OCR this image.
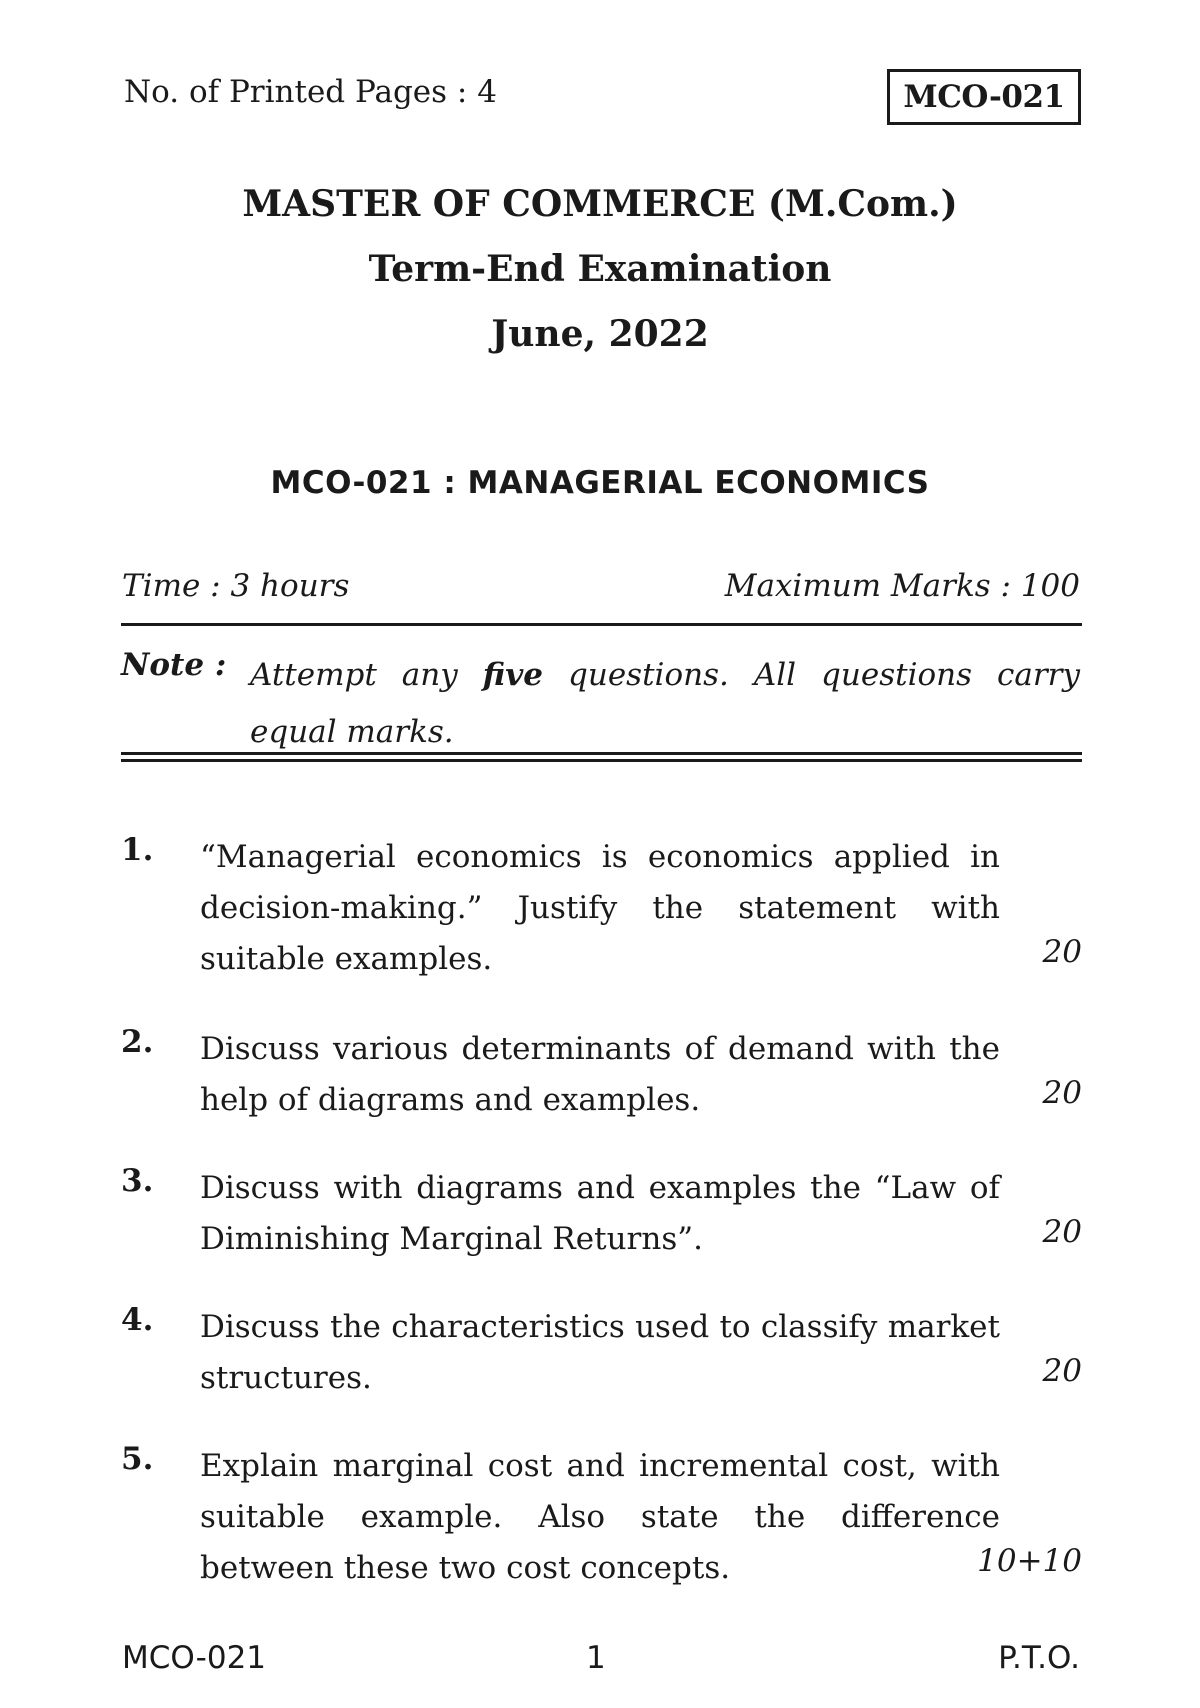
No. of Printed Pages : 4	MCO-021
MASTER OF COMMERCE (M.Com.)
Term-End Examination
June, 2022
MCO-021 : MANAGERIAL ECONOMICS
Time : 3 hours	Maximum Marks : 100
Note : Attempt any five questions. All questions carry equal marks.
1. “Managerial economics is economics applied in decision-making.” Justify the statement with suitable examples.	20
2. Discuss various determinants of demand with the help of diagrams and examples.	20
3. Discuss with diagrams and examples the “Law of Diminishing Marginal Returns”.	20
4. Discuss the characteristics used to classify market structures.	20
5. Explain marginal cost and incremental cost, with suitable example. Also state the difference between these two cost concepts.	10+10
MCO-021	1	P.T.O.
